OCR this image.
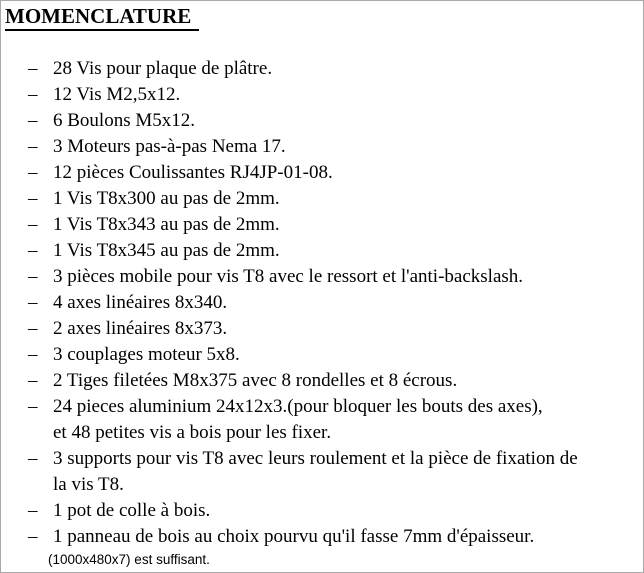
MOMENCLATURE
– 28 Vis pour plaque de plâtre.
– 12 Vis M2,5x12.
– 6 Boulons M5x12.
– 3 Moteurs pas-à-pas Nema 17.
– 12 pièces Coulissantes RJ4JP-01-08.
– 1 Vis T8x300 au pas de 2mm.
– 1 Vis T8x343 au pas de 2mm.
– 1 Vis T8x345 au pas de 2mm.
– 3 pièces mobile pour vis T8 avec le ressort et l'anti-backslash.
– 4 axes linéaires 8x340.
– 2 axes linéaires 8x373.
– 3 couplages moteur 5x8.
– 2 Tiges filetées M8x375 avec 8 rondelles et 8 écrous.
– 24 pieces aluminium 24x12x3.(pour bloquer les bouts des axes),
et 48 petites vis a bois pour les fixer.
– 3 supports pour vis T8 avec leurs roulement et la pièce de fixation de
la vis T8.
– 1 pot de colle à bois.
– 1 panneau de bois au choix pourvu qu'il fasse 7mm d'épaisseur.
(1000x480x7) est suffisant.
